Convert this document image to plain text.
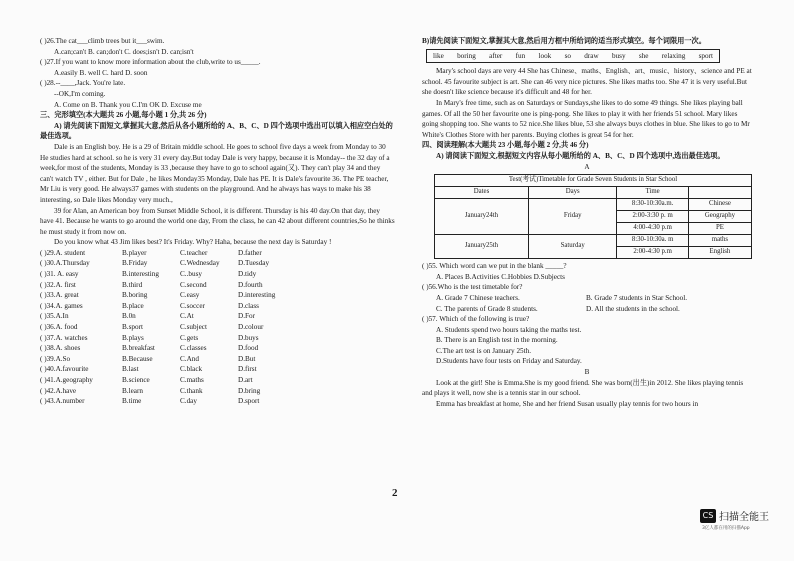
( )26.The cat___climb trees but it___swim.
A.can;can't B. can;don't C. does;isn't D. can;isn't
( )27.If you want to know more information about the club,write to us_____.
A.easily B. well C. hard D. soon
( )28.--____,Jack. You're late.
--OK,I'm coming.
A. Come on B. Thank you C.I'm OK D. Excuse me
三、完形填空(本大题共 26 小题,每小题 1 分,共 26 分)
A) 请先阅读下面短文,掌握其大意,然后从各小题所给的 A、B、C、D 四个选项中选出可以填入相应空白处的最佳选项。
Dale is an English boy. He is a 29 of Britain middle school. He goes to school five days a week from Monday to 30 He studies hard at school. so he is very 31 every day.But today Dale is very happy, because it is Monday-- the 32 day of a week,for most of the students, Monday is 33 ,because they have to go to school again(又). They can't play 34 and they can't watch TV , either. But for Dale , he likes Monday35 Monday, Dale has PE. It is Dale's favourite 36. The PE teacher, Mr Liu is very good. He always37 games with students on the playground. And he always has ways to make his 38 interesting, so Dale likes Monday very much.,
39 for Alan, an American boy from Sunset Middle School, it is different. Thursday is his 40 day.On that day, they have 41. Because he wants to go around the world one day, From the class, he can 42 about different countries,So he thinks he must study it from now on.
Do you know what 43 Jim likes best? It's Friday. Why? Haha, because the next day is Saturday !
( )29.A. student	B.player	C.teacher	D.father
( )30.A.Thursday	B.Friday	C.Wednesday	D.Tuesday
( )31. A. easy	B.interesting	C..busy	D.tidy
( )32.A. first	B.third	C.second	D.fourth
( )33.A. great	B.boring	C.easy	D.interesting
( )34.A. games	B.place	C.soccer	D.class
( )35.A.In	B.0n	C.At	D.For
( )36.A. food	B.sport	C.subject	D.colour
( )37.A. watches	B.plays	C.gets	D.buys
( )38.A. shoes	B.breakfast	C.classes	D.food
( )39.A.So	B.Because	C.And	D.But
( )40.A.favourite	B.last	C.black	D.first
( )41.A.geography	B.science	C.maths	D.art
( )42.A.have	B.learn	C.thank	D.bring
( )43.A.number	B.time	C.day	D.sport
B)请先阅读下面短文,掌握其大意,然后用方框中所给词的适当形式填空。每个词限用一次。
like boring after fun look so draw busy she relaxing sport
Mary's school days are very 44 She has Chinese、maths、English、art、music、history、science and PE at school. 45 favourite subject is art. She can 46 very nice pictures. She likes maths too. She 47 it is very useful.But she doesn't like science because it's difficult and 48 for her.
In Mary's free time, such as on Saturdays or Sundays,she likes to do some 49 things. She likes playing ball games. Of all the 50 her favourite one is ping-pong. She likes to play it with her friends 51 school. Mary likes going shopping too. She wants to 52 nice.She likes blue, 53 she always buys clothes in blue. She likes to go to Mr White's Clothes Store with her parents. Buying clothes is great 54 for her.
四、阅读理解(本大题共 23 小题,每小题 2 分,共 46 分)
A) 请阅读下面短文,根据短文内容从每小题所给的 A、B、C、D 四个选项中,选出最佳选项。
A
Test(考试)Timetable for Grade Seven Students in Star School			
Dates	Days	Time	
January24th	Friday	8:30-10:30a.m.	Chinese
		2:00-3:30 p. m	Geography
		4:00-4:30 p.m	PE
January25th	Saturday	8:30-10:30a. m	maths
		2:00-4:30 p.m	English
( )55. Which word can we put in the blank _____?
A. Places B.Activities C.Hobbies D.Subjects
( )56.Who is the test timetable for?
A. Grade 7 Chinese teachers.	B. Grade 7 students in Star School.
C. The parents of Grade 8 students.	D. All the students in the school.
( )57. Which of the following is true?
A. Students spend two hours taking the maths test.
B. There is an English test in the morning.
C.The art test is on January 25th.
D.Students have four tests on Friday and Saturday.
B
Look at the girl! She is Emma.She is my good friend. She was born(出生)in 2012. She likes playing tennis and plays it well, now she is a tennis star in our school.
Emma has breakfast at home, She and her friend Susan usually play tennis for two hours in
2
CS 扫描全能王
3亿人都在用的扫描App
